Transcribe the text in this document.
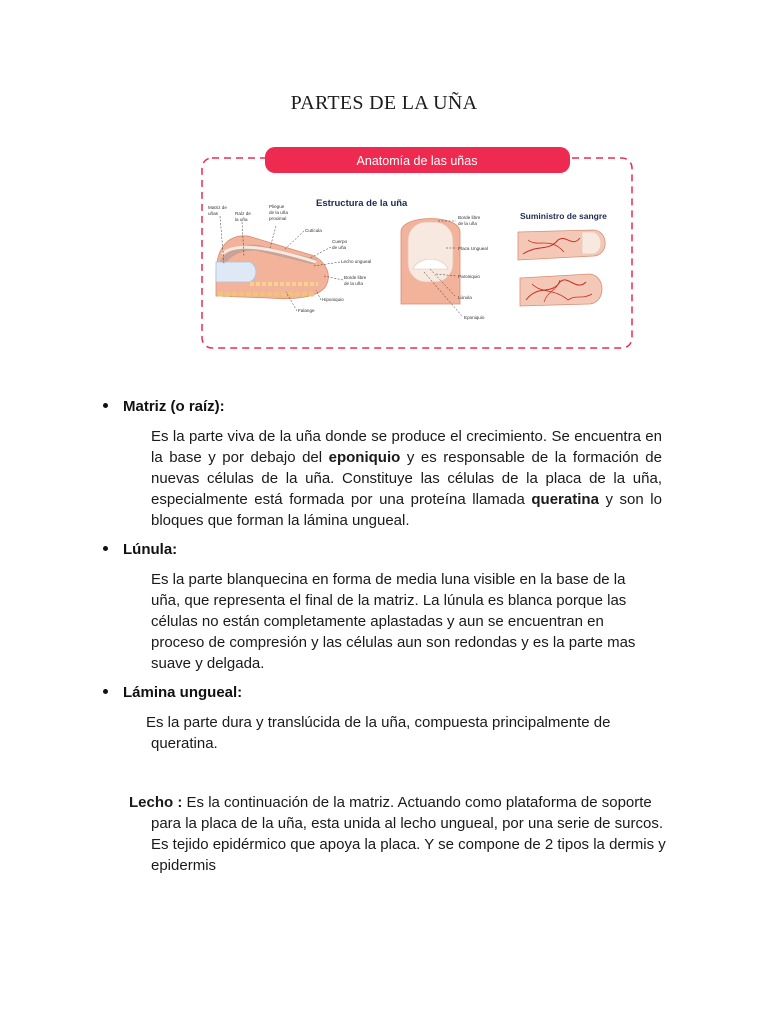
PARTES DE LA UÑA
Anatomía de las uñas
Estructura de la uña
Suministro de sangre
Matriz de uñas	Raíz de la uña
Pliegue de la uña proximal
Cutícula
Cuerpo de uña
Lecho ungueal
Borde libre de la uña
Hiponiquio
Falange
Borde libre de la uña
Placa Ungueal
Paroniquio
Lúnula
Eponiquio
Matriz (o raíz):
Es la parte viva de la uña donde se produce el crecimiento. Se encuentra en la base y por debajo del eponiquio y es responsable de la formación de nuevas células de la uña. Constituye las células de la placa de la uña, especialmente está formada por una proteína llamada queratina y son lo bloques que forman la lámina ungueal.
Lúnula:
Es la parte blanquecina en forma de media luna visible en la base de la uña, que representa el final de la matriz. La lúnula es blanca porque las células no están completamente aplastadas y aun se encuentran en proceso de compresión y las células aun son redondas y es la parte mas suave y delgada.
Lámina ungueal:
Es la parte dura y translúcida de la uña, compuesta principalmente de queratina.
Lecho : Es la continuación de la matriz. Actuando como plataforma de soporte para la placa de la uña, esta unida al lecho ungueal, por una serie de surcos. Es tejido epidérmico que apoya la placa. Y se compone de 2 tipos la dermis y epidermis
